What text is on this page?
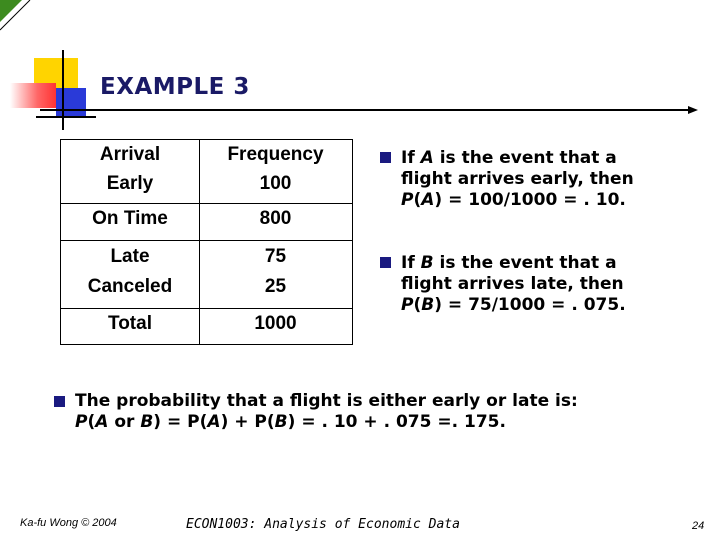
EXAMPLE 3
Arrival	Frequency
Early	100
On Time	800
Late	75
Canceled	25
Total	1000
If A is the event that a
flight arrives early, then
P(A) = 100/1000 = . 10.
If B is the event that a
flight arrives late, then
P(B) = 75/1000 = . 075.
The probability that a flight is either early or late is:
P(A or B) = P(A) + P(B) = . 10 + . 075 =. 175.
Ka-fu Wong © 2004	ECON1003: Analysis of Economic Data	24
